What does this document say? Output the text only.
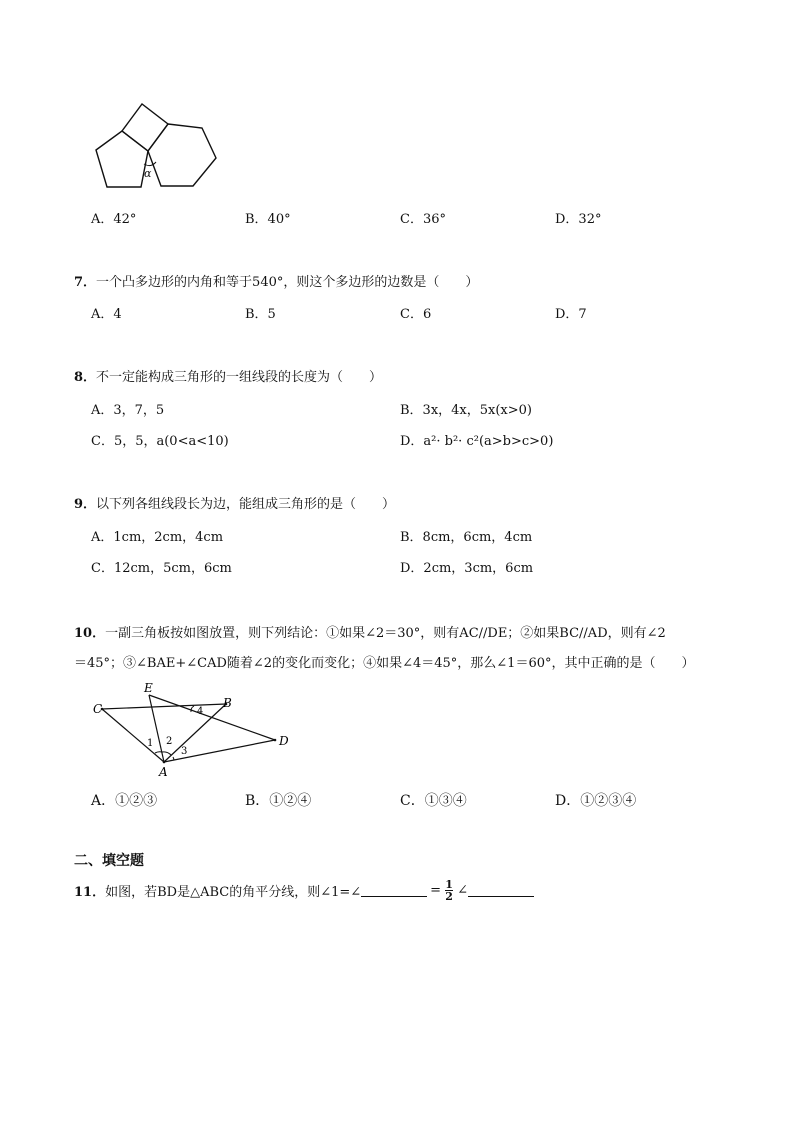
α
A．42°	B．40°	C．36°	D．32°
7．一个凸多边形的内角和等于540°，则这个多边形的边数是（　　）
A．4	B．5	C．6	D．7
8．不一定能构成三角形的一组线段的长度为（　　）
A．3，7，5	B．3x，4x，5x(x>0)
C．5，5，a(0<a<10)	D．a²· b²· c²(a>b>c>0)
9．以下列各组线段长为边，能组成三角形的是（　　）
A．1cm，2cm，4cm	B．8cm，6cm，4cm
C．12cm，5cm，6cm	D．2cm，3cm，6cm
10．一副三角板按如图放置，则下列结论：①如果∠2＝30°，则有AC//DE；②如果BC//AD，则有∠2
＝45°；③∠BAE+∠CAD随着∠2的变化而变化；④如果∠4＝45°，那么∠1＝60°，其中正确的是（　　）
C
E
B
D
A
1 2
3
4
A．①②③	B．①②④	C．①③④	D．①②③④
二、填空题
11． 如图，若BD是△ABC的角平分线，则∠1=∠	= $\frac{1}{2}$ ∠
